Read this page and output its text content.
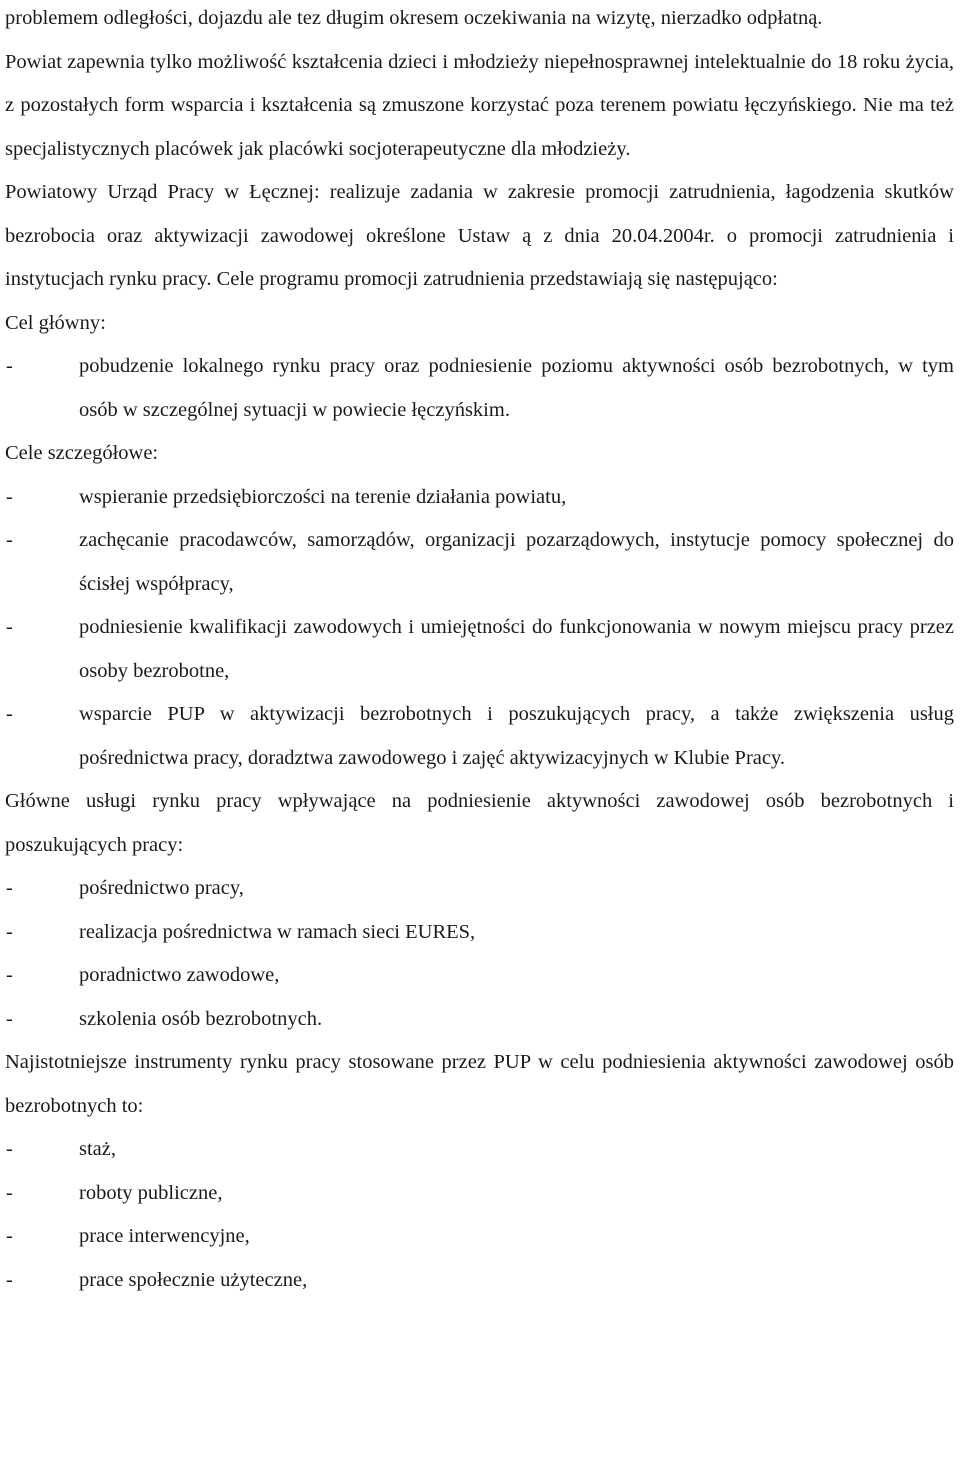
problemem odległości, dojazdu ale tez długim okresem oczekiwania na wizytę, nierzadko odpłatną.

Powiat zapewnia tylko możliwość kształcenia dzieci i młodzieży niepełnosprawnej intelektualnie do 18 roku życia, z pozostałych form wsparcia i kształcenia są zmuszone korzystać poza terenem powiatu łęczyńskiego. Nie ma też specjalistycznych placówek jak placówki socjoterapeutyczne dla młodzieży.

Powiatowy Urząd Pracy w Łęcznej: realizuje zadania w zakresie promocji zatrudnienia, łagodzenia skutków bezrobocia oraz aktywizacji zawodowej określone Ustaw ą z dnia 20.04.2004r. o promocji zatrudnienia i instytucjach rynku pracy. Cele programu promocji zatrudnienia przedstawiają się następująco:

Cel główny:

-	pobudzenie lokalnego rynku pracy oraz podniesienie poziomu aktywności osób bezrobotnych, w tym osób w szczególnej sytuacji w powiecie łęczyńskim.

Cele szczegółowe:

-	wspieranie przedsiębiorczości na terenie działania powiatu,
-	zachęcanie pracodawców, samorządów, organizacji pozarządowych, instytucje pomocy społecznej do ścisłej współpracy,
-	podniesienie kwalifikacji zawodowych i umiejętności do funkcjonowania w nowym miejscu pracy przez osoby bezrobotne,
-	wsparcie PUP w aktywizacji bezrobotnych i poszukujących pracy, a także zwiększenia usług pośrednictwa pracy, doradztwa zawodowego i zajęć aktywizacyjnych w Klubie Pracy.

Główne usługi rynku pracy wpływające na podniesienie aktywności zawodowej osób bezrobotnych i poszukujących pracy:

-	pośrednictwo pracy,
-	realizacja pośrednictwa w ramach sieci EURES,
-	poradnictwo zawodowe,
-	szkolenia osób bezrobotnych.

Najistotniejsze instrumenty rynku pracy stosowane przez PUP w celu podniesienia aktywności zawodowej osób bezrobotnych to:

-	staż,
-	roboty publiczne,
-	prace interwencyjne,
-	prace społecznie użyteczne,
